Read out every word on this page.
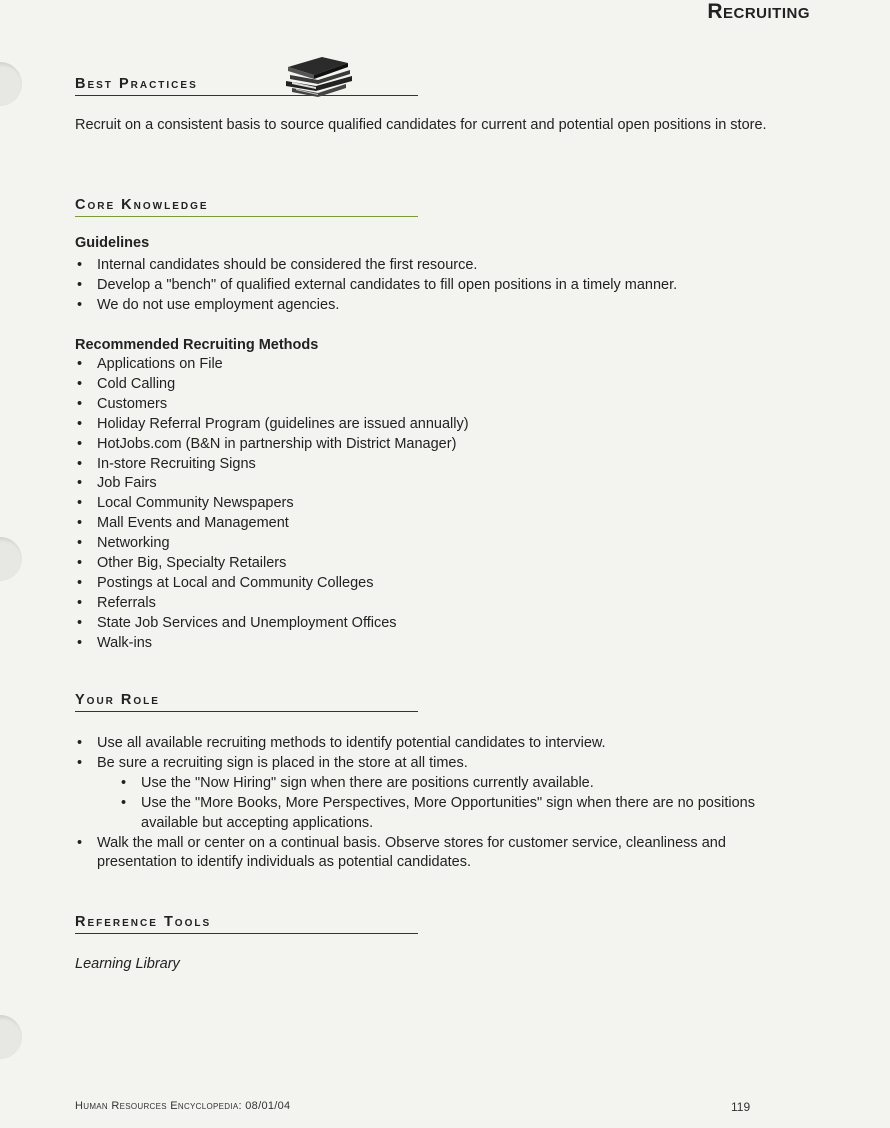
Recruiting
Best Practices
Recruit on a consistent basis to source qualified candidates for current and potential open positions in store.
Core Knowledge
Guidelines
• Internal candidates should be considered the first resource.
• Develop a "bench" of qualified external candidates to fill open positions in a timely manner.
• We do not use employment agencies.
Recommended Recruiting Methods
• Applications on File
• Cold Calling
• Customers
• Holiday Referral Program (guidelines are issued annually)
• HotJobs.com (B&N in partnership with District Manager)
• In-store Recruiting Signs
• Job Fairs
• Local Community Newspapers
• Mall Events and Management
• Networking
• Other Big, Specialty Retailers
• Postings at Local and Community Colleges
• Referrals
• State Job Services and Unemployment Offices
• Walk-ins
Your Role
• Use all available recruiting methods to identify potential candidates to interview.
• Be sure a recruiting sign is placed in the store at all times.
• Use the "Now Hiring" sign when there are positions currently available.
• Use the "More Books, More Perspectives, More Opportunities" sign when there are no positions available but accepting applications.
• Walk the mall or center on a continual basis. Observe stores for customer service, cleanliness and presentation to identify individuals as potential candidates.
Reference Tools
Learning Library
Human Resources Encyclopedia: 08/01/04	119
